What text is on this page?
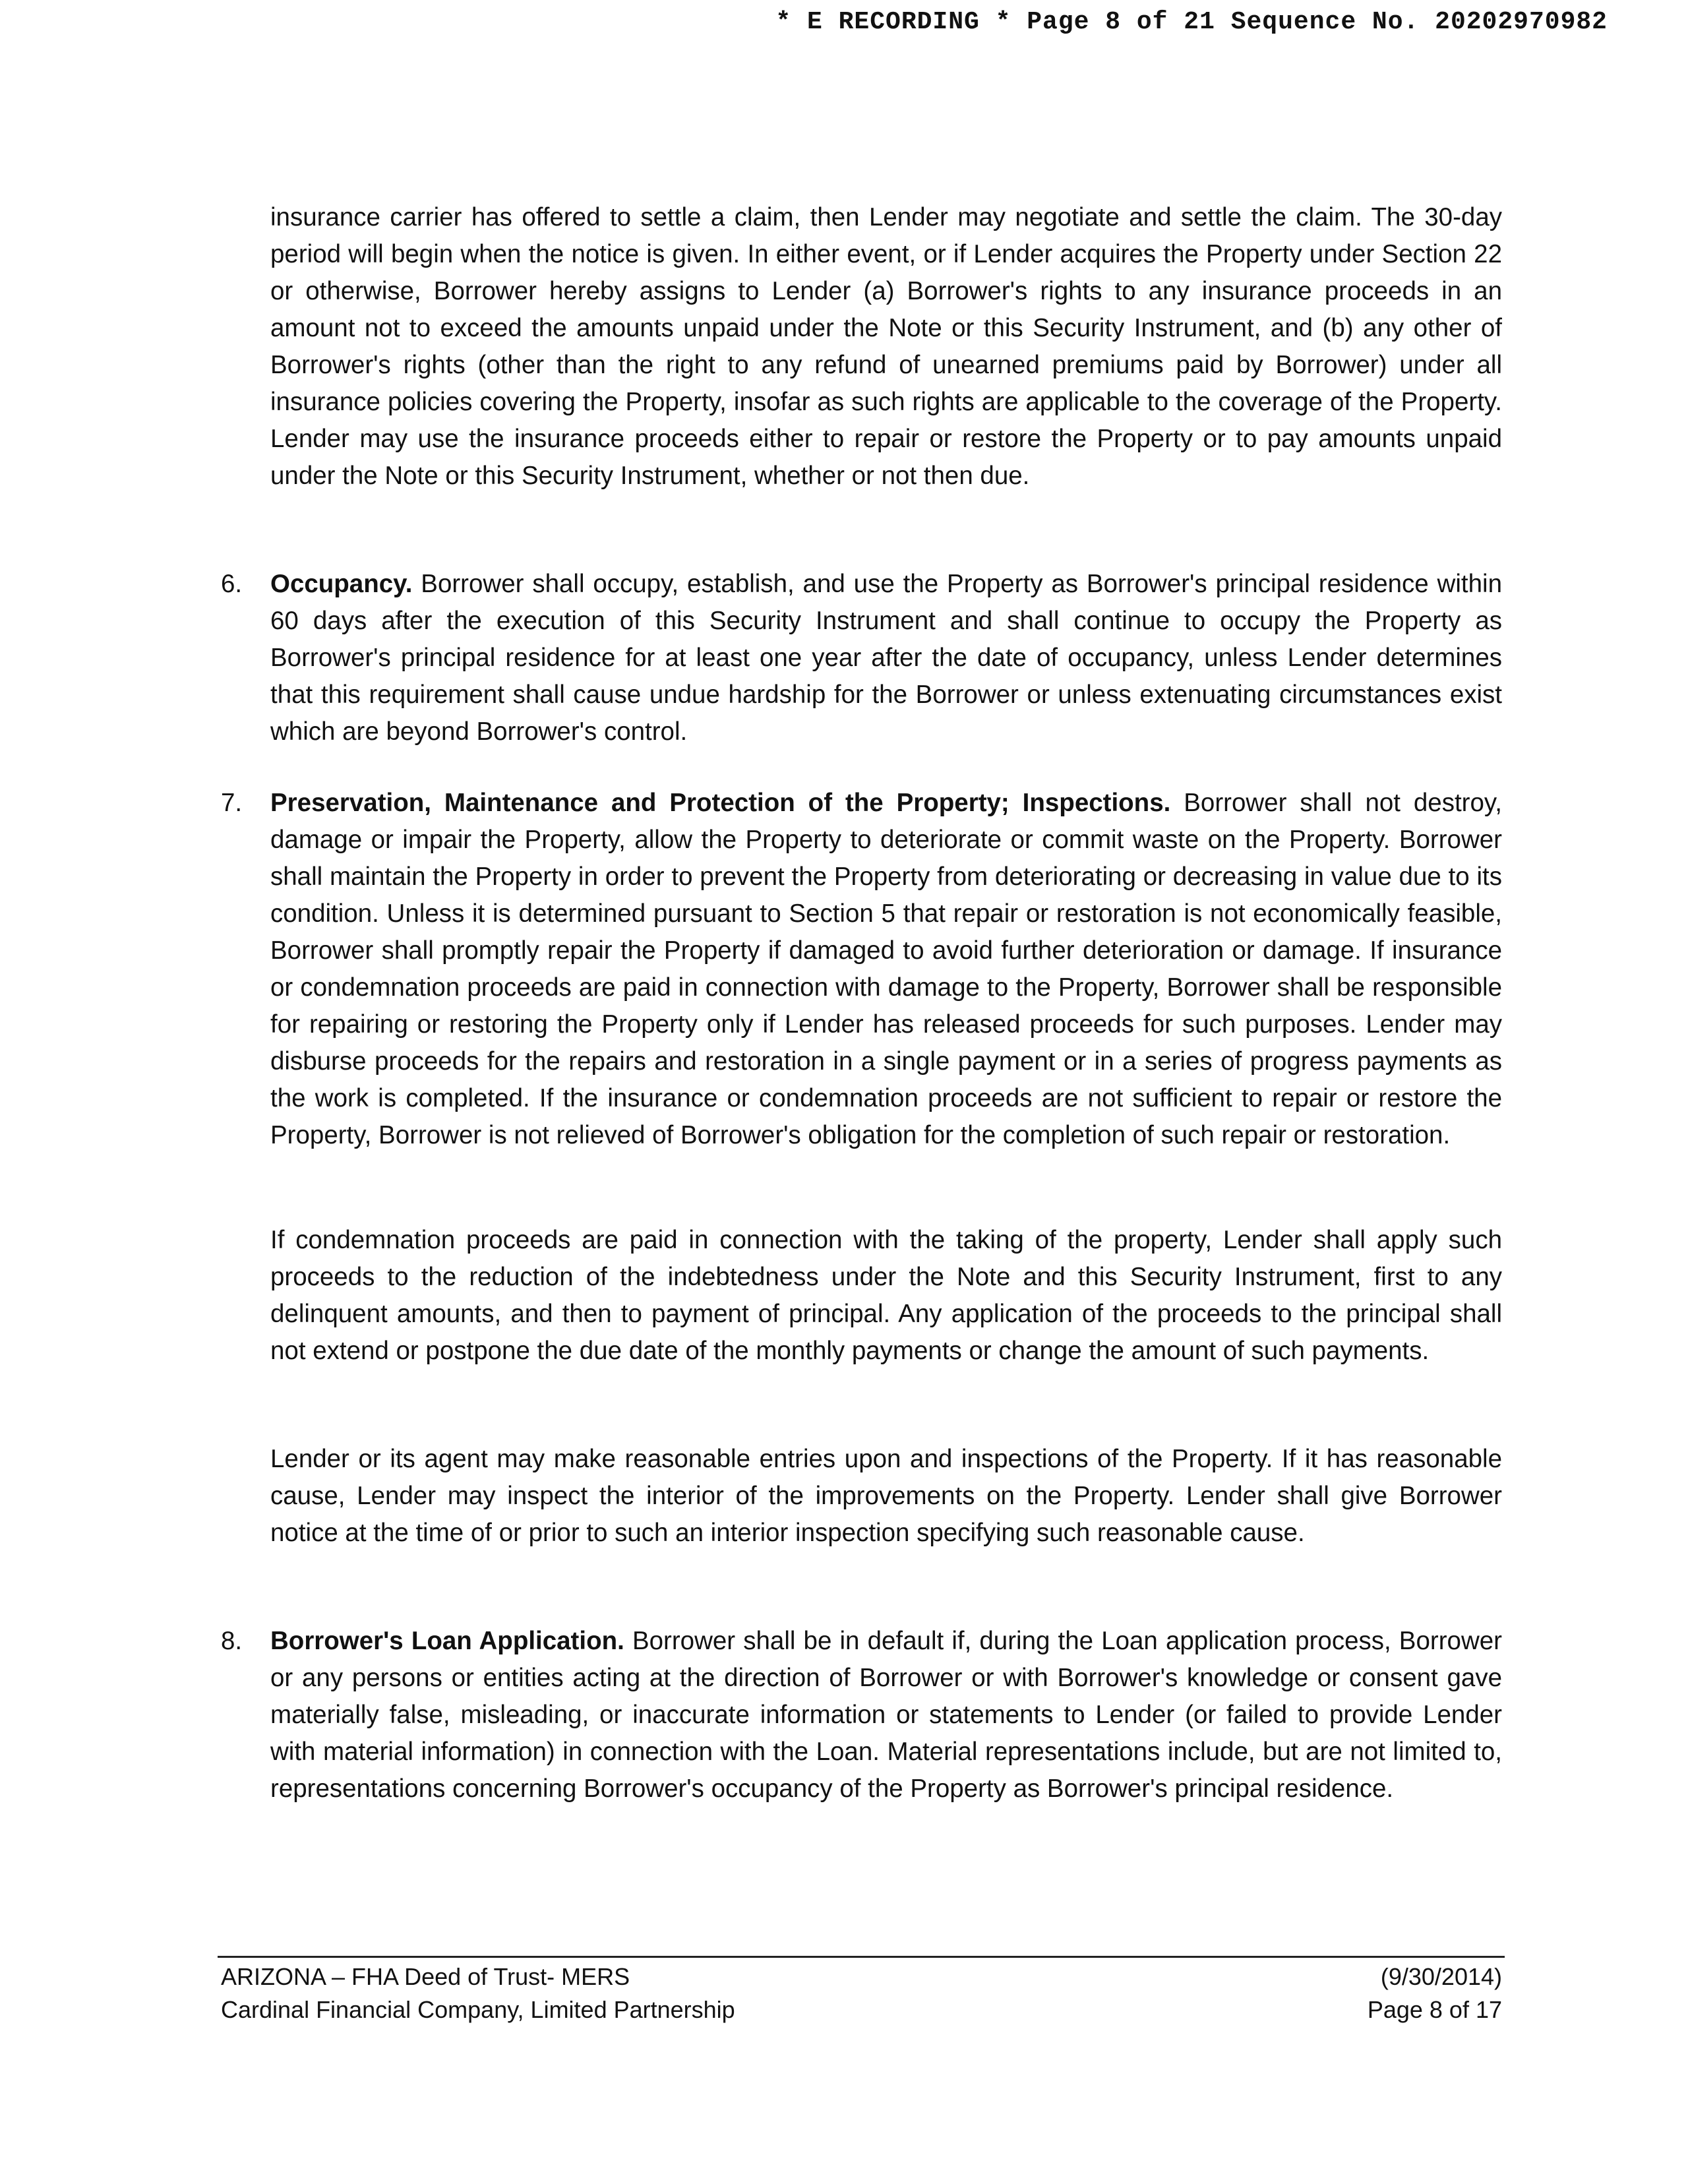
* E RECORDING * Page 8 of 21 Sequence No. 20202970982

insurance carrier has offered to settle a claim, then Lender may negotiate and settle the claim. The 30-day period will begin when the notice is given. In either event, or if Lender acquires the Property under Section 22 or otherwise, Borrower hereby assigns to Lender (a) Borrower's rights to any insurance proceeds in an amount not to exceed the amounts unpaid under the Note or this Security Instrument, and (b) any other of Borrower's rights (other than the right to any refund of unearned premiums paid by Borrower) under all insurance policies covering the Property, insofar as such rights are applicable to the coverage of the Property. Lender may use the insurance proceeds either to repair or restore the Property or to pay amounts unpaid under the Note or this Security Instrument, whether or not then due.

6. Occupancy. Borrower shall occupy, establish, and use the Property as Borrower's principal residence within 60 days after the execution of this Security Instrument and shall continue to occupy the Property as Borrower's principal residence for at least one year after the date of occupancy, unless Lender determines that this requirement shall cause undue hardship for the Borrower or unless extenuating circumstances exist which are beyond Borrower's control.

7. Preservation, Maintenance and Protection of the Property; Inspections. Borrower shall not destroy, damage or impair the Property, allow the Property to deteriorate or commit waste on the Property. Borrower shall maintain the Property in order to prevent the Property from deteriorating or decreasing in value due to its condition. Unless it is determined pursuant to Section 5 that repair or restoration is not economically feasible, Borrower shall promptly repair the Property if damaged to avoid further deterioration or damage. If insurance or condemnation proceeds are paid in connection with damage to the Property, Borrower shall be responsible for repairing or restoring the Property only if Lender has released proceeds for such purposes. Lender may disburse proceeds for the repairs and restoration in a single payment or in a series of progress payments as the work is completed. If the insurance or condemnation proceeds are not sufficient to repair or restore the Property, Borrower is not relieved of Borrower's obligation for the completion of such repair or restoration.

If condemnation proceeds are paid in connection with the taking of the property, Lender shall apply such proceeds to the reduction of the indebtedness under the Note and this Security Instrument, first to any delinquent amounts, and then to payment of principal. Any application of the proceeds to the principal shall not extend or postpone the due date of the monthly payments or change the amount of such payments.

Lender or its agent may make reasonable entries upon and inspections of the Property. If it has reasonable cause, Lender may inspect the interior of the improvements on the Property. Lender shall give Borrower notice at the time of or prior to such an interior inspection specifying such reasonable cause.

8. Borrower's Loan Application. Borrower shall be in default if, during the Loan application process, Borrower or any persons or entities acting at the direction of Borrower or with Borrower's knowledge or consent gave materially false, misleading, or inaccurate information or statements to Lender (or failed to provide Lender with material information) in connection with the Loan. Material representations include, but are not limited to, representations concerning Borrower's occupancy of the Property as Borrower's principal residence.

ARIZONA – FHA Deed of Trust- MERS
Cardinal Financial Company, Limited Partnership
(9/30/2014)
Page 8 of 17
